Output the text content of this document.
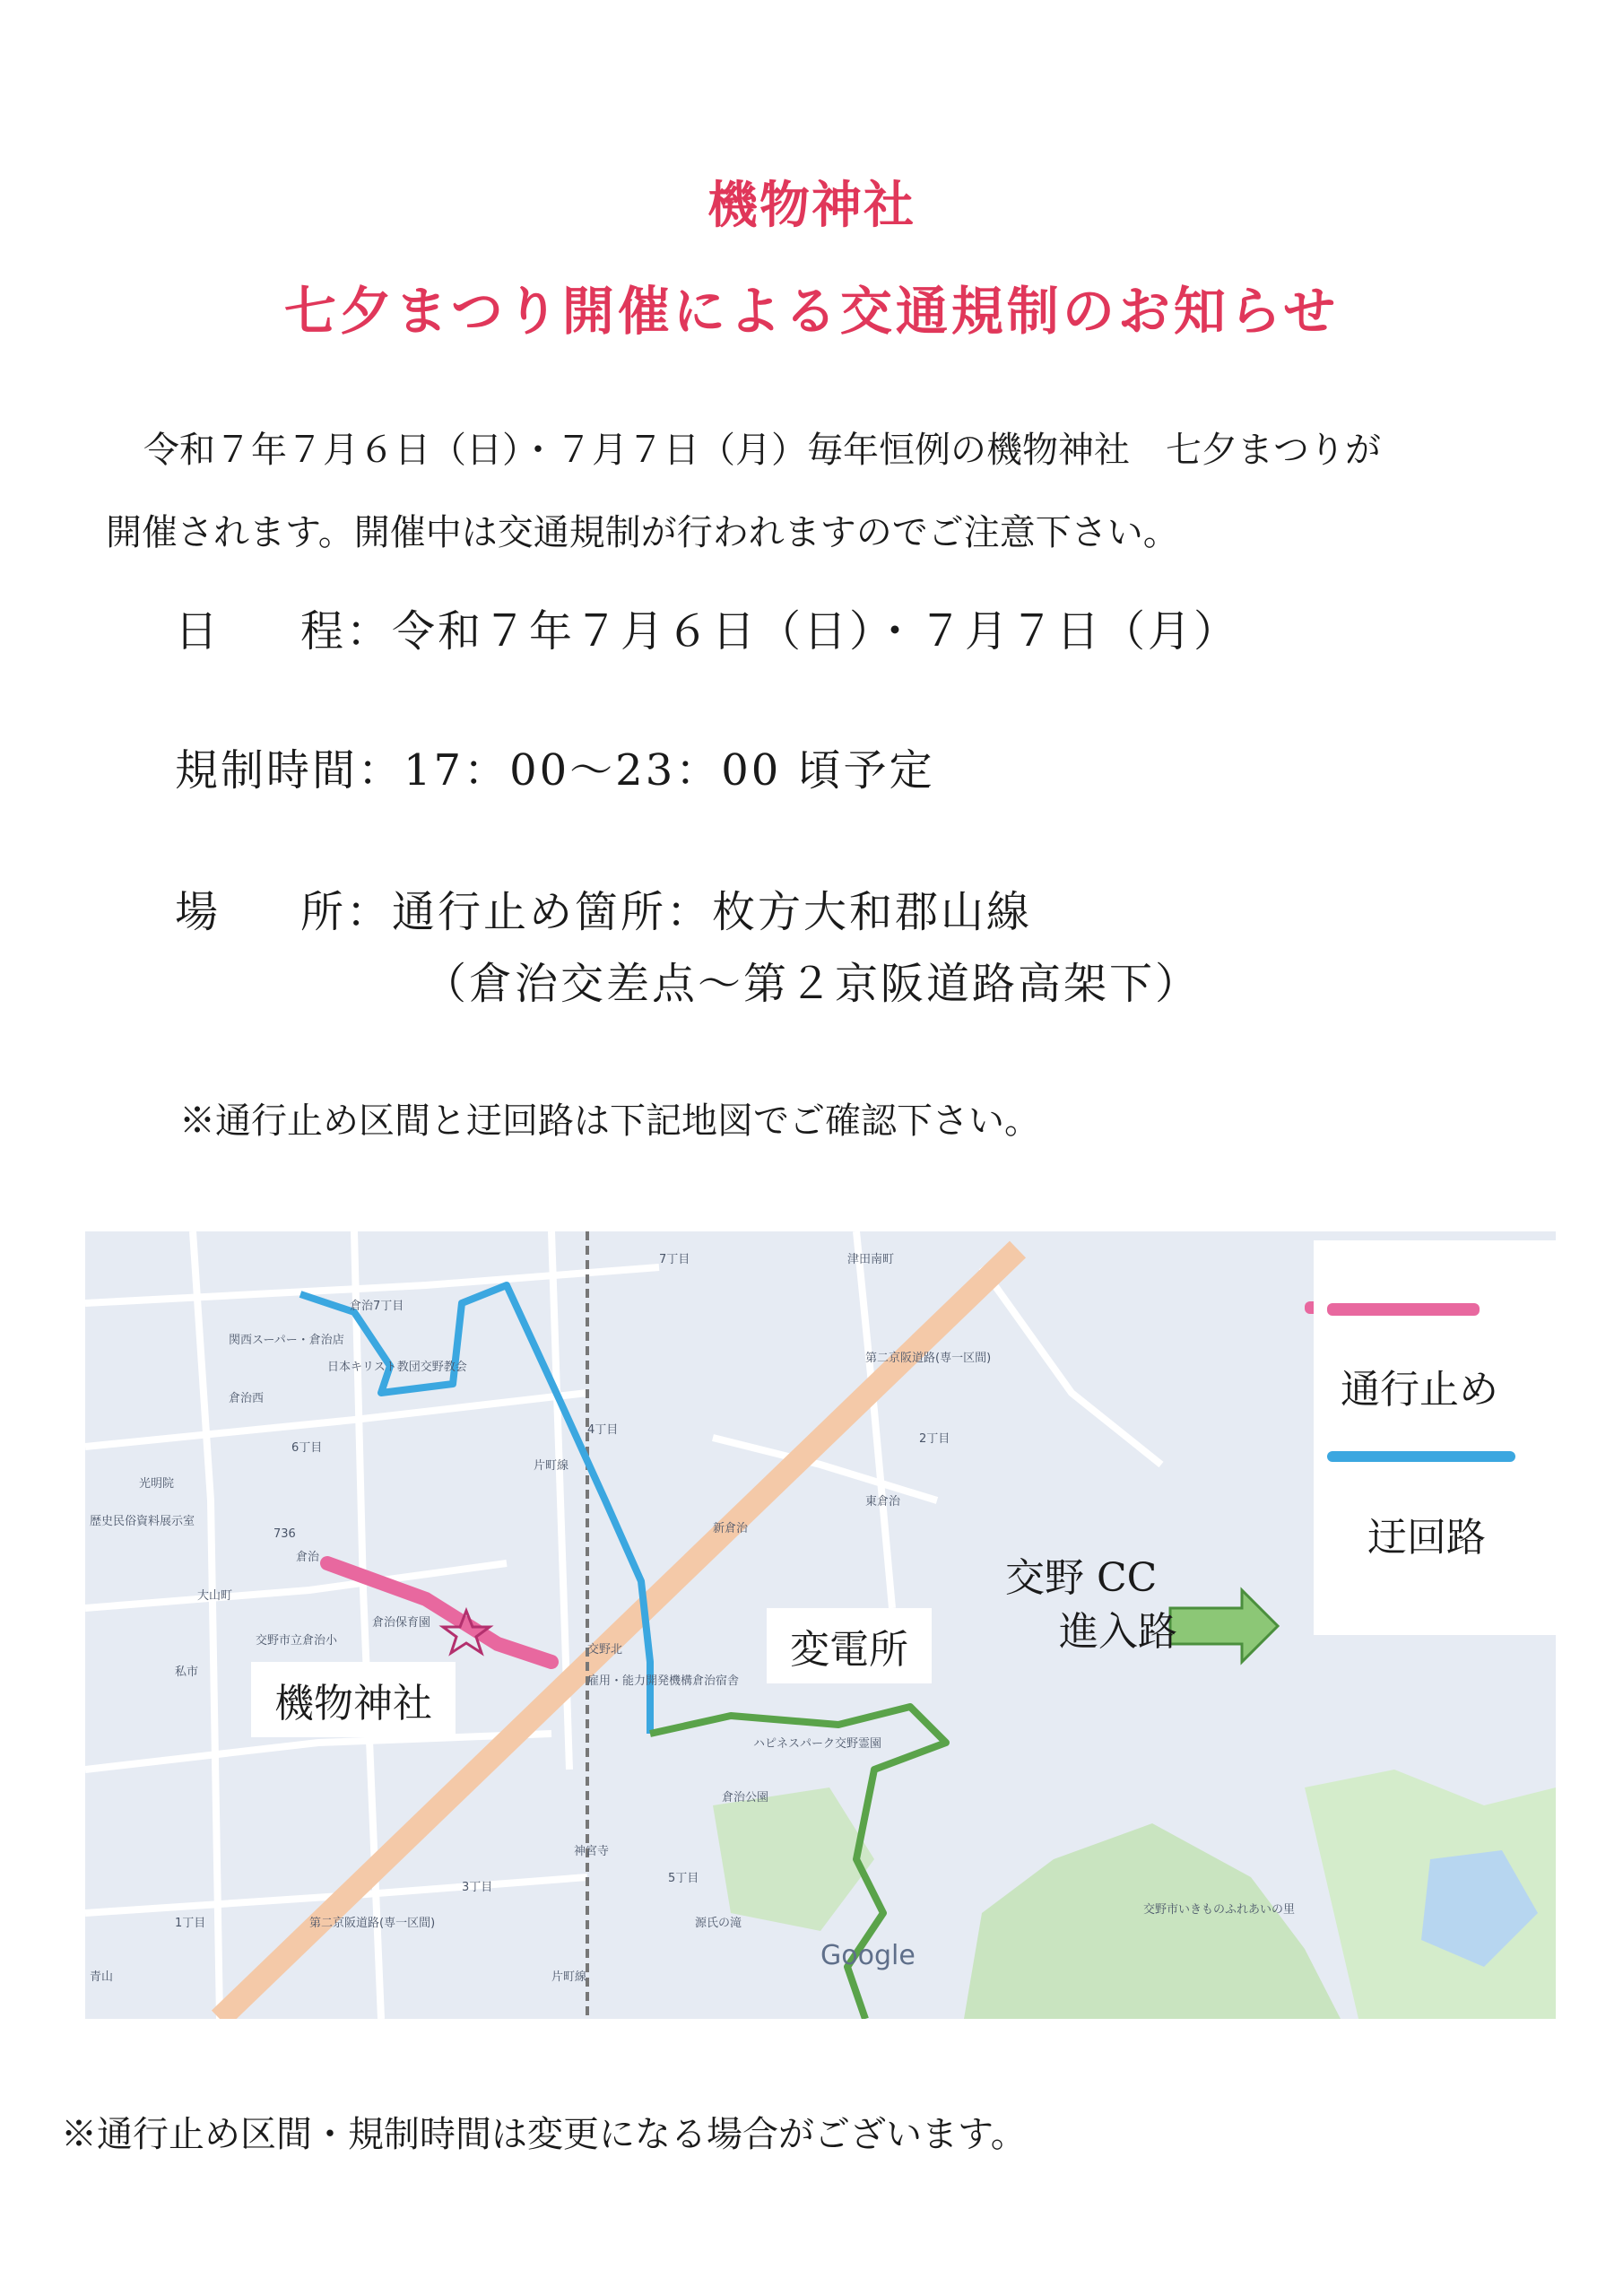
機物神社
七夕まつり開催による交通規制のお知らせ
令和７年７月６日（日）・７月７日（月）毎年恒例の機物神社　七夕まつりが
開催されます。開催中は交通規制が行われますのでご注意下さい。
日 程：令和７年７月６日（日）・７月７日（月）
規制時間：17：00〜23：00 頃予定
場 所：通行止め箇所：枚方大和郡山線
（倉治交差点〜第２京阪道路高架下）
※通行止め区間と迂回路は下記地図でご確認下さい。
倉治7丁目
関西スーパー・倉治店
日本キリスト教団交野教会
交野北
倉治西
光明院
歴史民俗資料展示室
倉治
大山町
交野市立倉治小
倉治保育園
私市
雇用・能力開発機構倉治宿舎
津田南町
新倉治
東倉治
ハピネスパーク交野霊園
倉治公園
神宮寺
源氏の滝
交野市いきものふれあいの里
青山	片町線
片町線
第二京阪道路(専一区間)
第二京阪道路(専一区間)
7丁目
6丁目
4丁目
2丁目
3丁目
5丁目
1丁目
736
Google
機物神社
変電所
交野 CC
進入路
通行止め
迂回路
※通行止め区間・規制時間は変更になる場合がございます。
